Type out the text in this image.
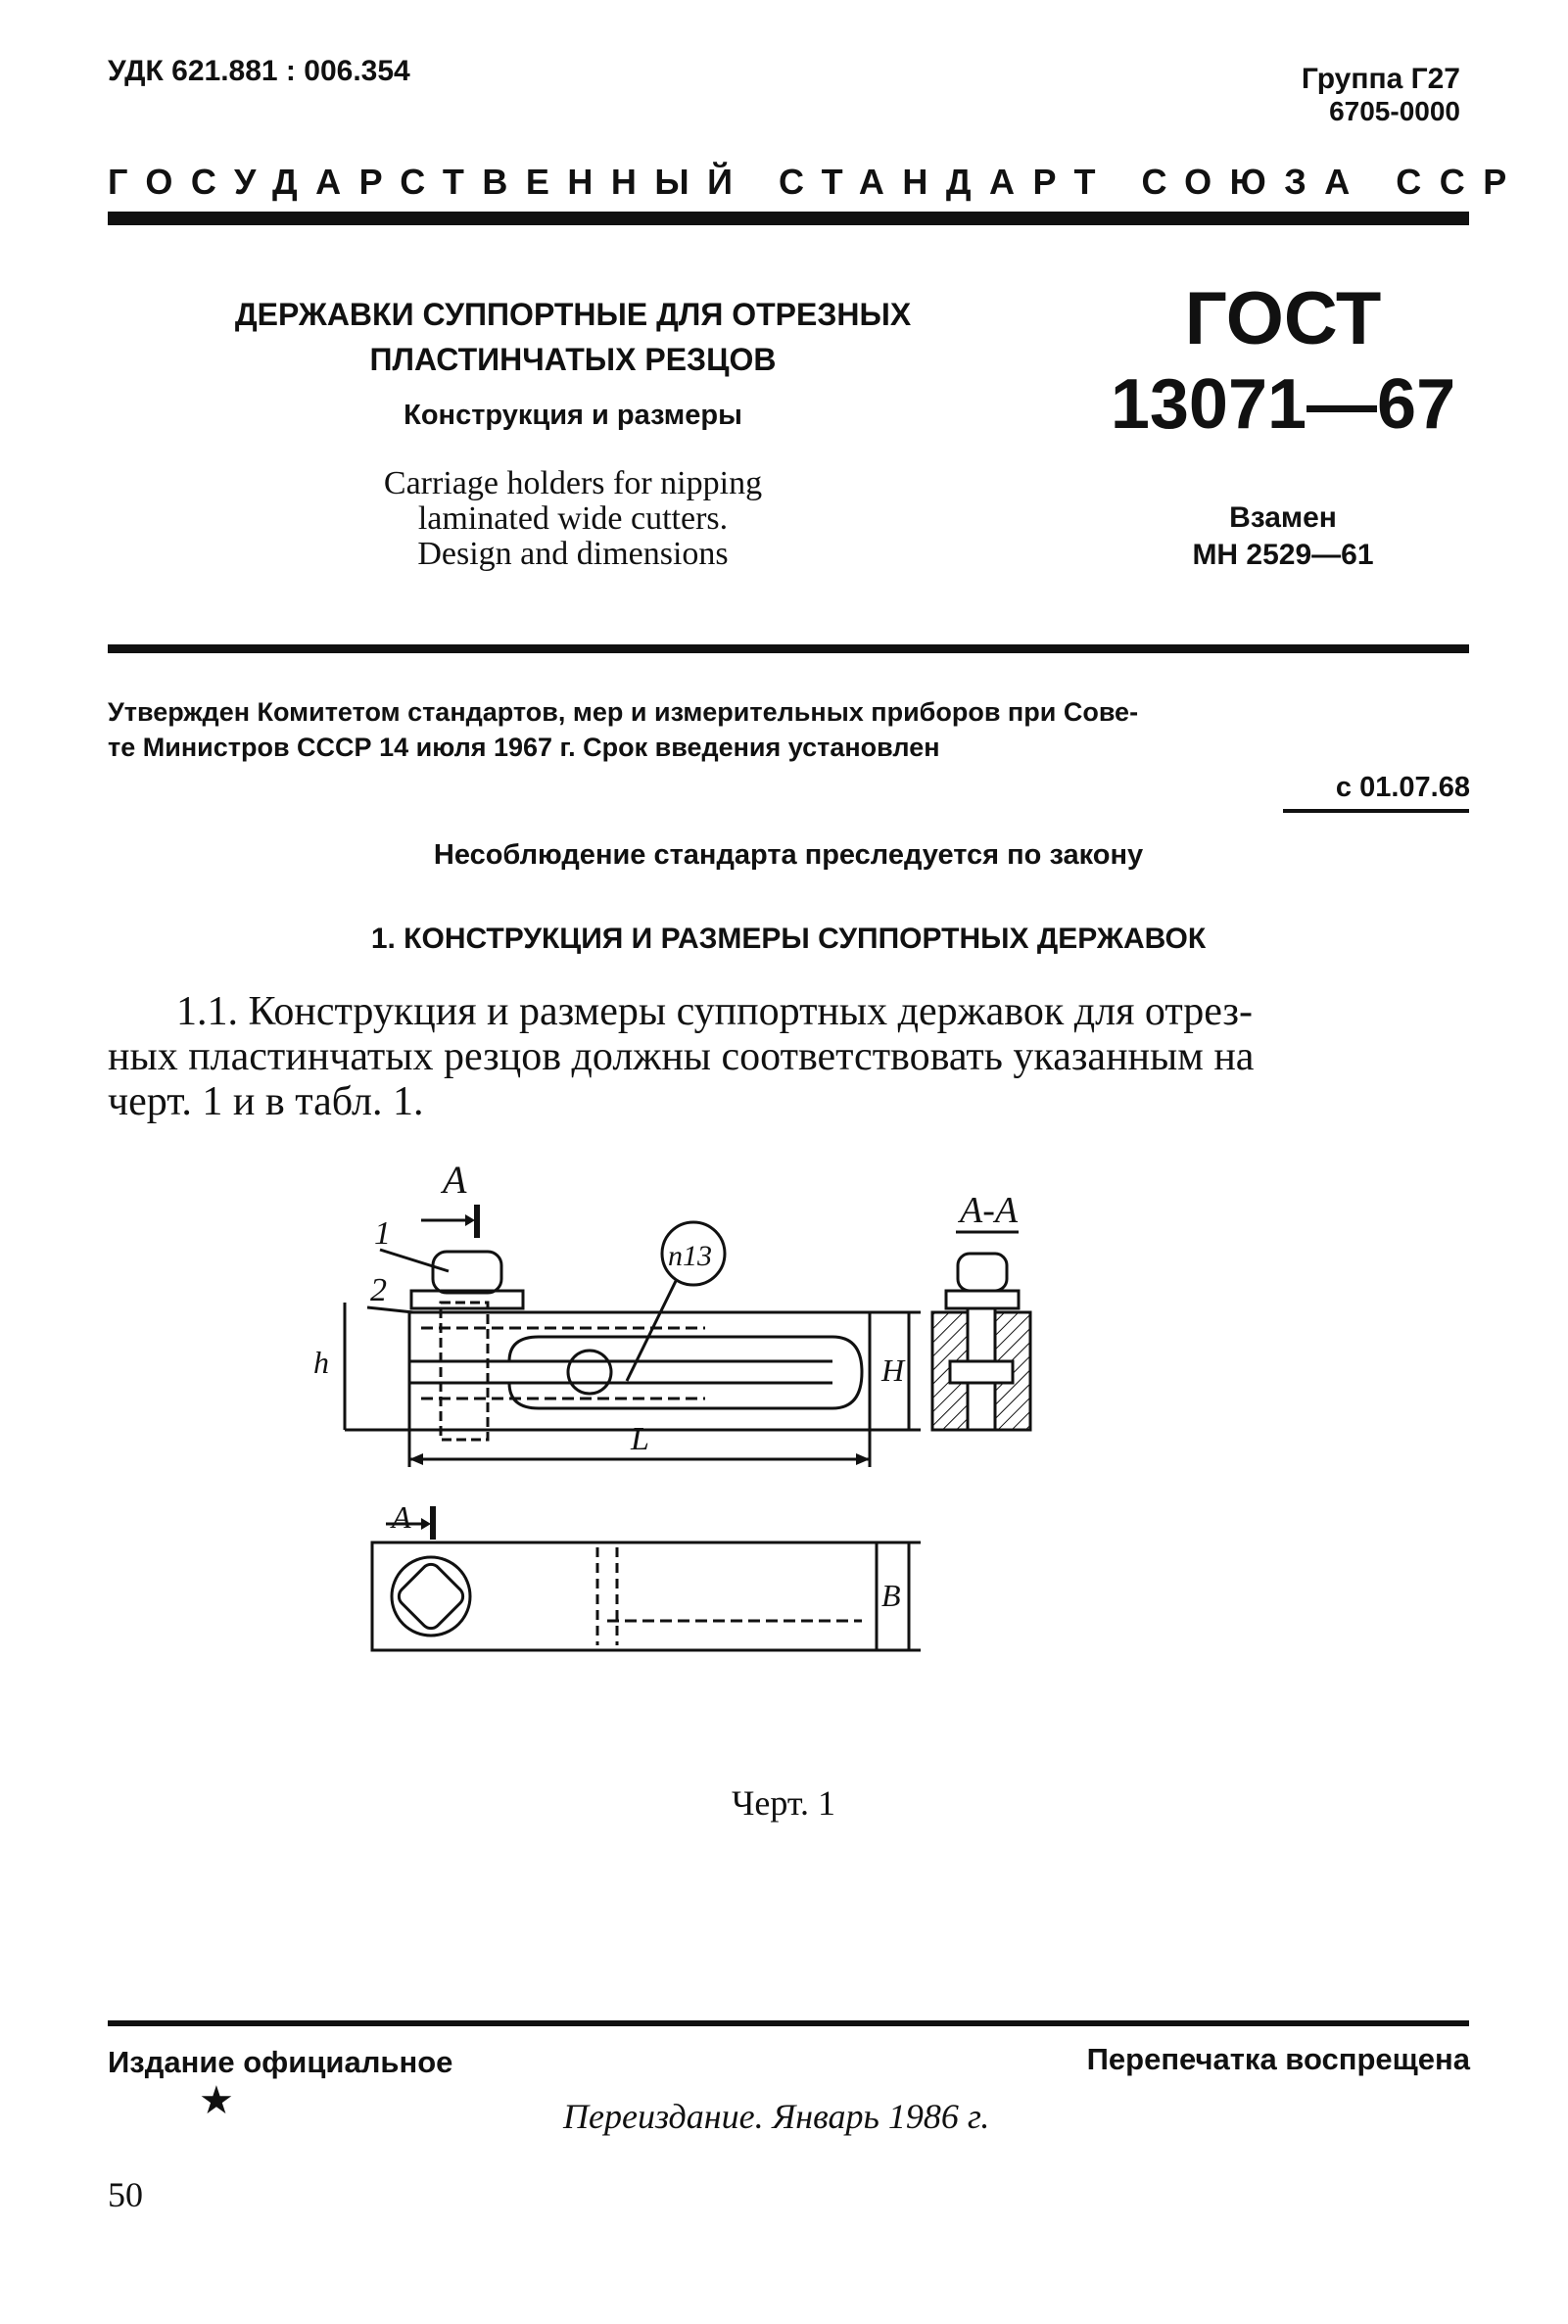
УДК 621.881 : 006.354	Группа Г27
6705-0000
ГОСУДАРСТВЕННЫЙ СТАНДАРТ СОЮЗА ССР
ДЕРЖАВКИ СУППОРТНЫЕ ДЛЯ ОТРЕЗНЫХ
ПЛАСТИНЧАТЫХ РЕЗЦОВ
Конструкция и размеры
Carriage holders for nipping
laminated wide cutters.
Design and dimensions
ГОСТ
13071—67
Взамен
МН 2529—61
Утвержден Комитетом стандартов, мер и измерительных приборов при Сове-
те Министров СССР 14 июля 1967 г. Срок введения установлен
с 01.07.68
Несоблюдение стандарта преследуется по закону
1. КОНСТРУКЦИЯ И РАЗМЕРЫ СУППОРТНЫХ ДЕРЖАВОК
1.1. Конструкция и размеры суппортных державок для отрез-
ных пластинчатых резцов должны соответствовать указанным на
черт. 1 и в табл. 1.
А
1
2
п13
h	H
L
А-А
А
В
Черт. 1
Издание официальное	Перепечатка воспрещена
★	Переиздание. Январь 1986 г.
50
